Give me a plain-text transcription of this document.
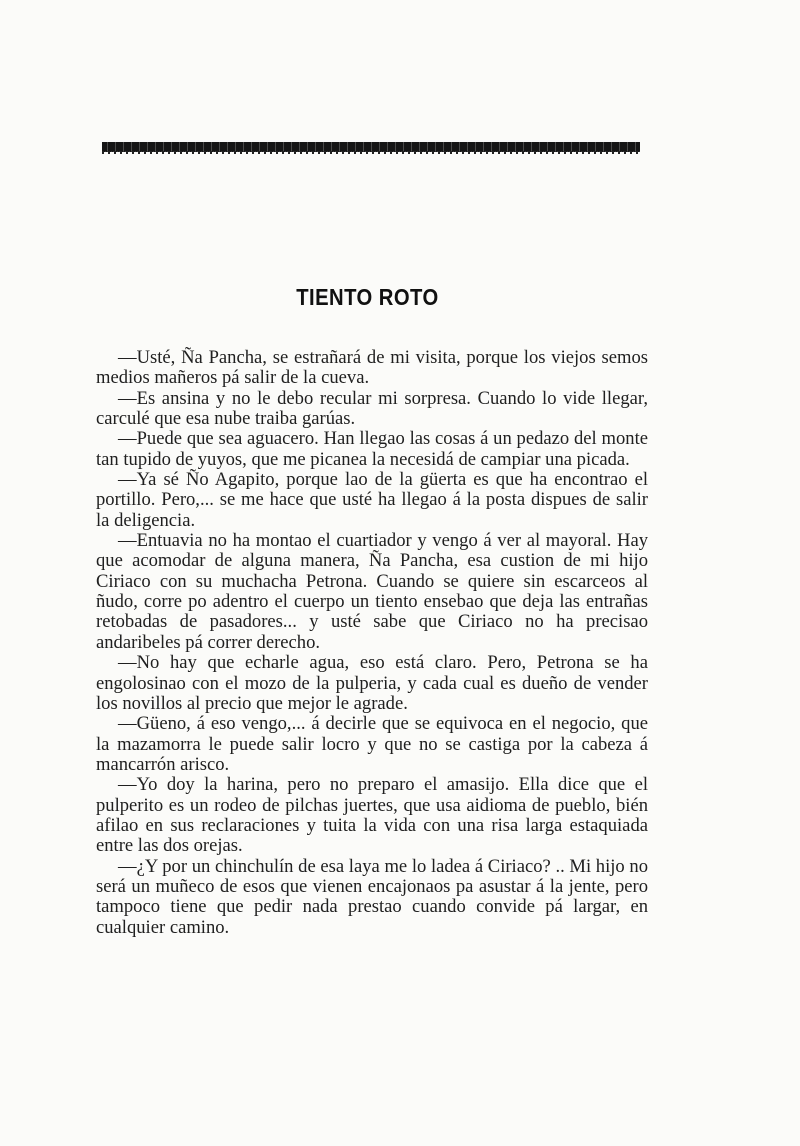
TIENTO ROTO

—Usté, Ña Pancha, se estrañará de mi visita, porque los viejos semos medios mañeros pá salir de la cueva.

—Es ansina y no le debo recular mi sorpresa. Cuando lo vide llegar, carculé que esa nube traiba garúas.

—Puede que sea aguacero. Han llegao las cosas á un pedazo del monte tan tupido de yuyos, que me picanea la necesidá de campiar una picada.

—Ya sé Ño Agapito, porque lao de la güerta es que ha encontrao el portillo. Pero,... se me hace que usté ha llegao á la posta dispues de salir la deligencia.

—Entuavia no ha montao el cuartiador y vengo á ver al mayoral. Hay que acomodar de alguna manera, Ña Pancha, esa custion de mi hijo Ciriaco con su muchacha Petrona. Cuando se quiere sin escarceos al ñudo, corre po adentro el cuerpo un tiento ensebao que deja las entrañas retobadas de pasadores... y usté sabe que Ciriaco no ha precisao andaribeles pá correr derecho.

—No hay que echarle agua, eso está claro. Pero, Petrona se ha engolosinao con el mozo de la pulperia, y cada cual es dueño de vender los novillos al precio que mejor le agrade.

—Güeno, á eso vengo,... á decirle que se equivoca en el negocio, que la mazamorra le puede salir locro y que no se castiga por la cabeza á mancarrón arisco.

—Yo doy la harina, pero no preparo el amasijo. Ella dice que el pulperito es un rodeo de pilchas juertes, que usa aidioma de pueblo, bién afilao en sus reclaraciones y tuita la vida con una risa larga estaquiada entre las dos orejas.

—¿Y por un chinchulín de esa laya me lo ladea á Ciriaco? .. Mi hijo no será un muñeco de esos que vienen encajonaos pa asustar á la jente, pero tampoco tiene que pedir nada prestao cuando convide pá largar, en cualquier camino.
